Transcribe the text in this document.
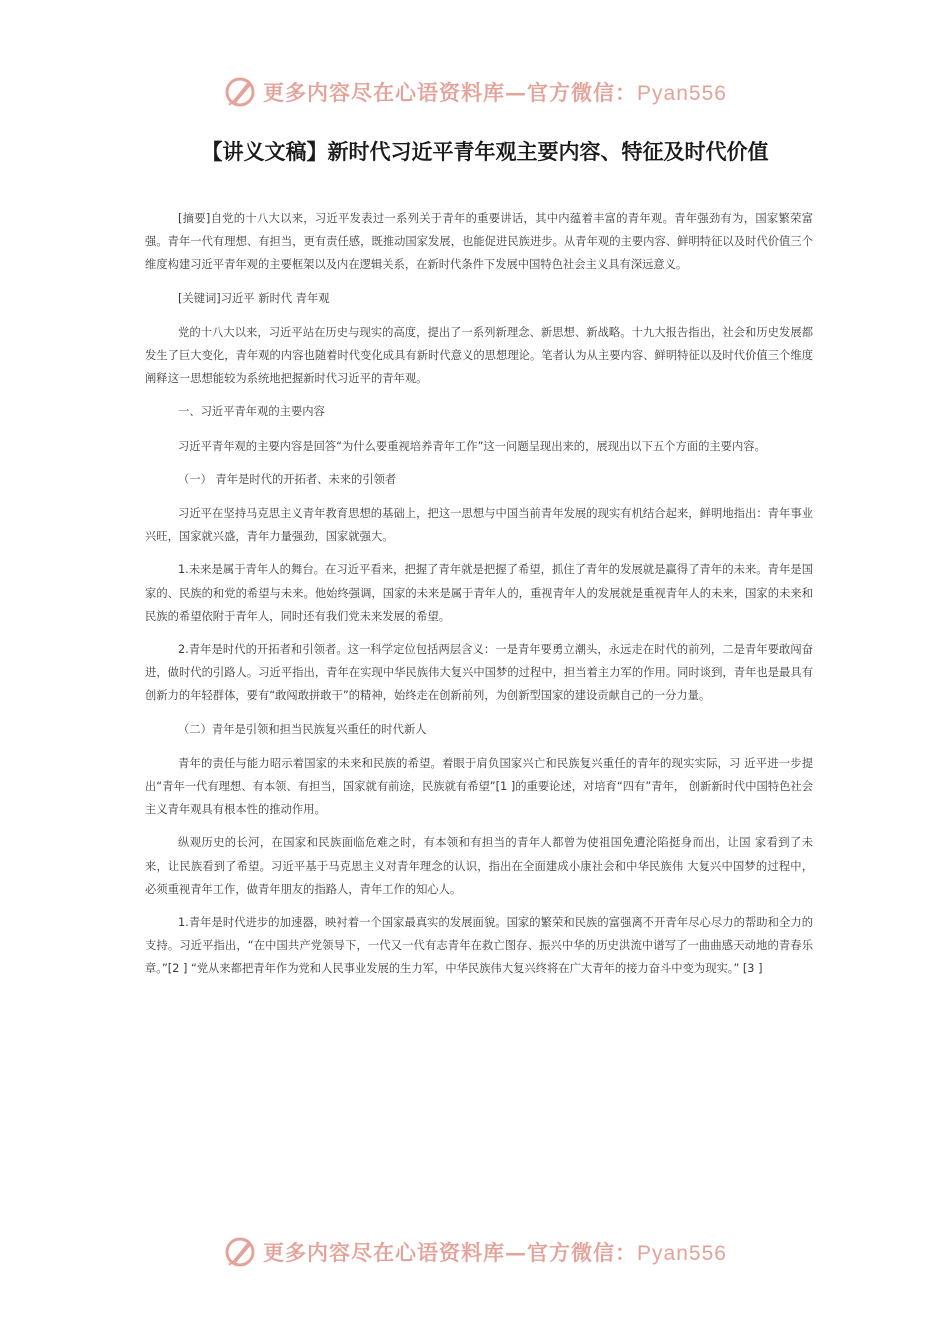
更多内容尽在心语资料库—官方微信：Pyan556
【讲义文稿】新时代习近平青年观主要内容、特征及时代价值

[摘要]自党的十八大以来，习近平发表过一系列关于青年的重要讲话，其中内蕴着丰富的青年观。青年强劲有为，国家繁荣富强。青年一代有理想、有担当，更有责任感，既推动国家发展，也能促进民族进步。从青年观的主要内容、鲜明特征以及时代价值三个维度构建习近平青年观的主要框架以及内在逻辑关系，在新时代条件下发展中国特色社会主义具有深远意义。

[关键词]习近平 新时代 青年观

党的十八大以来，习近平站在历史与现实的高度，提出了一系列新理念、新思想、新战略。十九大报告指出，社会和历史发展都发生了巨大变化，青年观的内容也随着时代变化成具有新时代意义的思想理论。笔者认为从主要内容、鲜明特征以及时代价值三个维度阐释这一思想能较为系统地把握新时代习近平的青年观。

一、习近平青年观的主要内容

习近平青年观的主要内容是回答“为什么要重视培养青年工作”这一问题呈现出来的，展现出以下五个方面的主要内容。

（一） 青年是时代的开拓者、未来的引领者

习近平在坚持马克思主义青年教育思想的基础上，把这一思想与中国当前青年发展的现实有机结合起来，鲜明地指出：青年事业兴旺，国家就兴盛，青年力量强劲，国家就强大。

1.未来是属于青年人的舞台。在习近平看来，把握了青年就是把握了希望，抓住了青年的发展就是赢得了青年的未来。青年是国家的、民族的和党的希望与未来。他始终强调，国家的未来是属于青年人的，重视青年人的发展就是重视青年人的未来，国家的未来和民族的希望依附于青年人，同时还有我们党未来发展的希望。

2.青年是时代的开拓者和引领者。这一科学定位包括两层含义：一是青年要勇立潮头，永远走在时代的前列，二是青年要敢闯奋进，做时代的引路人。习近平指出，青年在实现中华民族伟大复兴中国梦的过程中，担当着主力军的作用。同时谈到，青年也是最具有创新力的年轻群体，要有“敢闯敢拼敢干”的精神，始终走在创新前列，为创新型国家的建设贡献自己的一分力量。

（二）青年是引领和担当民族复兴重任的时代新人

青年的责任与能力昭示着国家的未来和民族的希望。着眼于肩负国家兴亡和民族复兴重任的青年的现实实际，习 近平进一步提出“青年一代有理想、有本领、有担当，国家就有前途，民族就有希望”[1 ]的重要论述，对培育“四有”青年， 创新新时代中国特色社会主义青年观具有根本性的推动作用。

纵观历史的长河，在国家和民族面临危难之时，有本领和有担当的青年人都曾为使祖国免遭沦陷挺身而出，让国 家看到了未来，让民族看到了希望。习近平基于马克思主义对青年理念的认识，指出在全面建成小康社会和中华民族伟 大复兴中国梦的过程中，必须重视青年工作，做青年朋友的指路人，青年工作的知心人。

1.青年是时代进步的加速器，映衬着一个国家最真实的发展面貌。国家的繁荣和民族的富强离不开青年尽心尽力的帮助和全力的支持。习近平指出，“在中国共产党领导下，一代又一代有志青年在救亡图存、振兴中华的历史洪流中谱写了一曲曲感天动地的青春乐章。”[2 ] “党从来都把青年作为党和人民事业发展的生力军，中华民族伟大复兴终将在广大青年的接力奋斗中变为现实。” [3 ]

更多内容尽在心语资料库—官方微信：Pyan556
